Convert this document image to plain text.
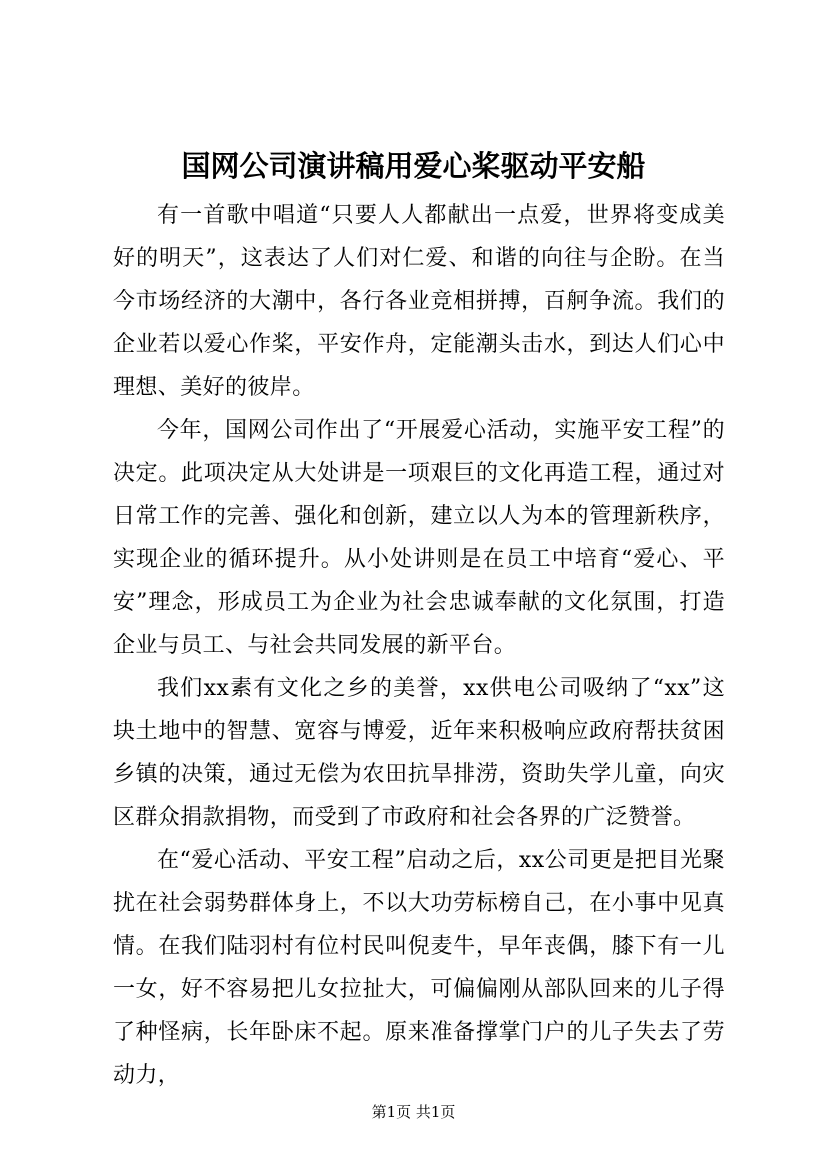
国网公司演讲稿用爱心桨驱动平安船

有一首歌中唱道“只要人人都献出一点爱，世界将变成美好的明天”，这表达了人们对仁爱、和谐的向往与企盼。在当今市场经济的大潮中，各行各业竞相拼搏，百舸争流。我们的企业若以爱心作桨，平安作舟，定能潮头击水，到达人们心中理想、美好的彼岸。

今年，国网公司作出了“开展爱心活动，实施平安工程”的决定。此项决定从大处讲是一项艰巨的文化再造工程，通过对日常工作的完善、强化和创新，建立以人为本的管理新秩序，实现企业的循环提升。从小处讲则是在员工中培育“爱心、平安”理念，形成员工为企业为社会忠诚奉献的文化氛围，打造企业与员工、与社会共同发展的新平台。

我们xx素有文化之乡的美誉，xx供电公司吸纳了“xx”这块土地中的智慧、宽容与博爱，近年来积极响应政府帮扶贫困乡镇的决策，通过无偿为农田抗旱排涝，资助失学儿童，向灾区群众捐款捐物，而受到了市政府和社会各界的广泛赞誉。

在“爱心活动、平安工程”启动之后，xx公司更是把目光聚扰在社会弱势群体身上，不以大功劳标榜自己，在小事中见真情。在我们陆羽村有位村民叫倪麦牛，早年丧偶，膝下有一儿一女，好不容易把儿女拉扯大，可偏偏刚从部队回来的儿子得了种怪病，长年卧床不起。原来准备撑掌门户的儿子失去了劳动力，

第1页 共1页
